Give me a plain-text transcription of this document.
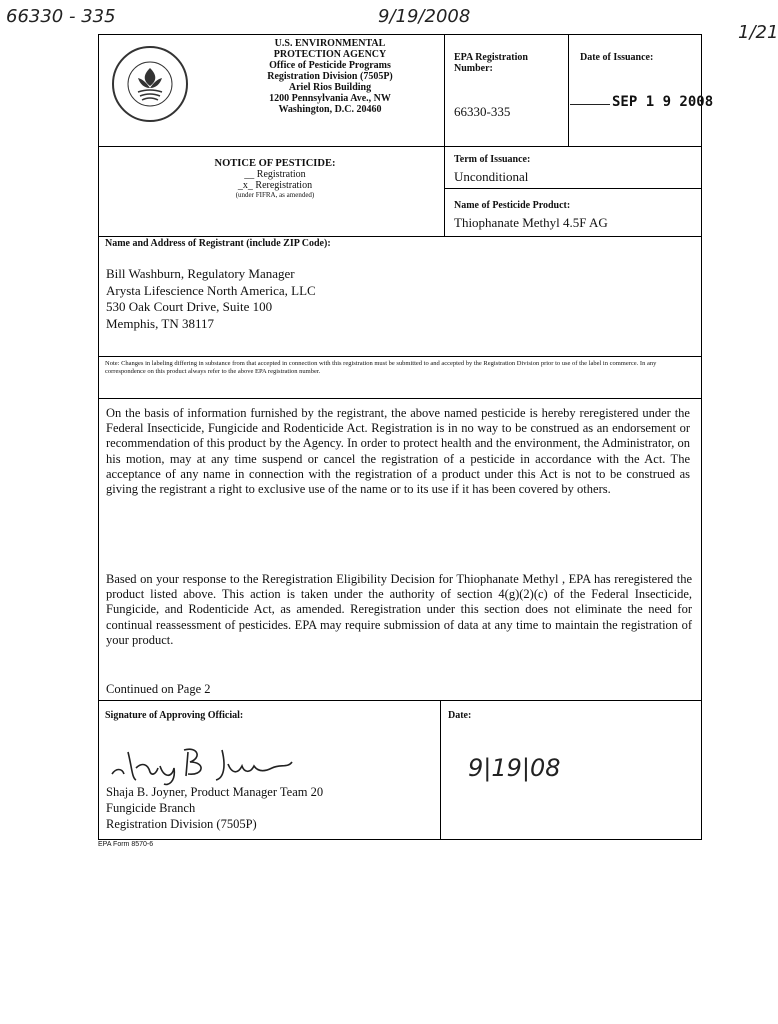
66330 - 335	9/19/2008
1/21
U.S. ENVIRONMENTAL
PROTECTION AGENCY
Office of Pesticide Programs
Registration Division (7505P)
Ariel Rios Building
1200 Pennsylvania Ave., NW
Washington, D.C. 20460
EPA Registration
Number:
66330-335
Date of Issuance:
SEP 1 9 2008
NOTICE OF PESTICIDE:
__ Registration
_x_ Reregistration
(under FIFRA, as amended)
Term of Issuance:
Unconditional
Name of Pesticide Product:
Thiophanate Methyl 4.5F AG
Name and Address of Registrant (include ZIP Code):
Bill Washburn, Regulatory Manager
Arysta Lifescience North America, LLC
530 Oak Court Drive, Suite 100
Memphis, TN 38117
Note: Changes in labeling differing in substance from that accepted in connection with this registration must be submitted to and accepted by the Registration Division prior to use of the label in commerce. In any correspondence on this product always refer to the above EPA registration number.
On the basis of information furnished by the registrant, the above named pesticide is hereby reregistered under the Federal Insecticide, Fungicide and Rodenticide Act. Registration is in no way to be construed as an endorsement or recommendation of this product by the Agency. In order to protect health and the environment, the Administrator, on his motion, may at any time suspend or cancel the registration of a pesticide in accordance with the Act. The acceptance of any name in connection with the registration of a product under this Act is not to be construed as giving the registrant a right to exclusive use of the name or to its use if it has been covered by others.
Based on your response to the Reregistration Eligibility Decision for Thiophanate Methyl , EPA has reregistered the product listed above. This action is taken under the authority of section 4(g)(2)(c) of the Federal Insecticide, Fungicide, and Rodenticide Act, as amended. Reregistration under this section does not eliminate the need for continual reassessment of pesticides. EPA may require submission of data at any time to maintain the registration of your product.
Continued on Page 2
Signature of Approving Official:
Shaja B. Joyner, Product Manager Team 20
Fungicide Branch
Registration Division (7505P)
Date:
9|19|08
EPA Form 8570-6
